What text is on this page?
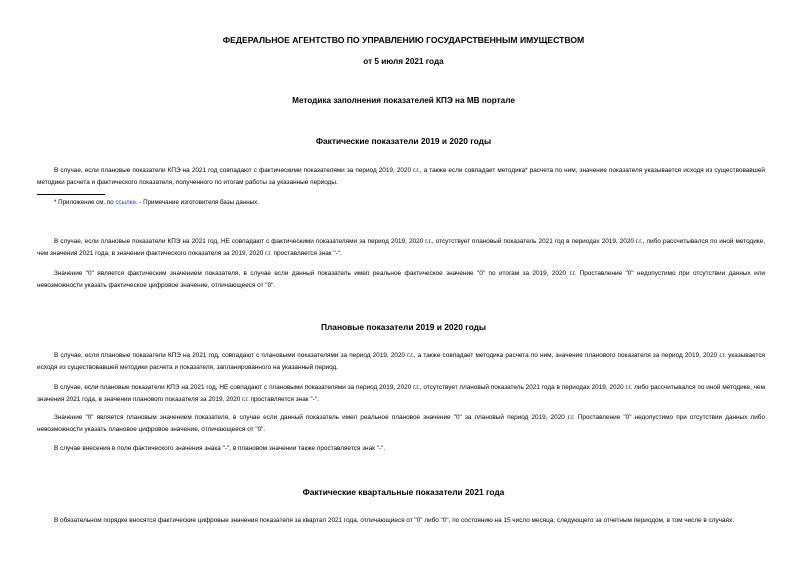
ФЕДЕРАЛЬНОЕ АГЕНТСТВО ПО УПРАВЛЕНИЮ ГОСУДАРСТВЕННЫМ ИМУЩЕСТВОМ
от 5 июля 2021 года
Методика заполнения показателей КПЭ на МВ портале
Фактические показатели 2019 и 2020 годы

В случае, если плановые показатели КПЭ на 2021 год совпадают с фактическими показателями за период 2019, 2020 г.г., а также если совпадает методика* расчета по ним, значение показателя указывается исходя из существовавшей методики расчета и фактического показателя, полученного по итогам работы за указанные периоды.

* Приложение см. по ссылке. - Примечание изготовителя базы данных.

В случае, если плановые показатели КПЭ на 2021 год, НЕ совпадают с фактическими показателями за период 2019, 2020 г.г., отсутствует плановый показатель 2021 год в периодах 2019, 2020 г.г., либо рассчитывался по иной методике, чем значения 2021 года, в значении фактического показателя за 2019, 2020 г.г. проставляется знак "-".

Значение "0" является фактическим значением показателя, в случае если данный показатель имел реальное фактическое значение "0" по итогам за 2019, 2020 г.г. Проставление "0" недопустимо при отсутствии данных или невозможности указать фактическое цифровое значение, отличающееся от "0".

Плановые показатели 2019 и 2020 годы

В случае, если плановые показатели КПЭ на 2021 год, совпадают с плановыми показателями за период 2019, 2020 г.г., а также совпадает методика расчета по ним, значение планового показателя за период 2019, 2020 г.г. указывается исходя из существовавшей методики расчета и показателя, запланированного на указанный период.

В случае, если плановые показатели КПЭ на 2021 год, НЕ совпадают с плановыми показателями за период 2019, 2020 г.г., отсутствует плановый показатель 2021 года в периодах 2019, 2020 г.г. либо рассчитывался по иной методике, чем значения 2021 года, в значении планового показателя за 2019, 2020 г.г. проставляется знак "-".

Значение "0" является плановым значением показателя, в случае если данный показатель имел реальное плановое значение "0" за плановый период 2019, 2020 г.г. Проставление "0" недопустимо при отсутствии данных либо невозможности указать плановое цифровое значение, отличающееся от "0".

В случае внесения в поле фактического значения знака "-", в плановом значении также проставляется знак "-".

Фактические квартальные показатели 2021 года

В обязательном порядке вносятся фактические цифровые значения показателя за квартал 2021 года, отличающиеся от "0" либо "0", по состоянию на 15 число месяца, следующего за отчетным периодом, в том числе в случаях:
